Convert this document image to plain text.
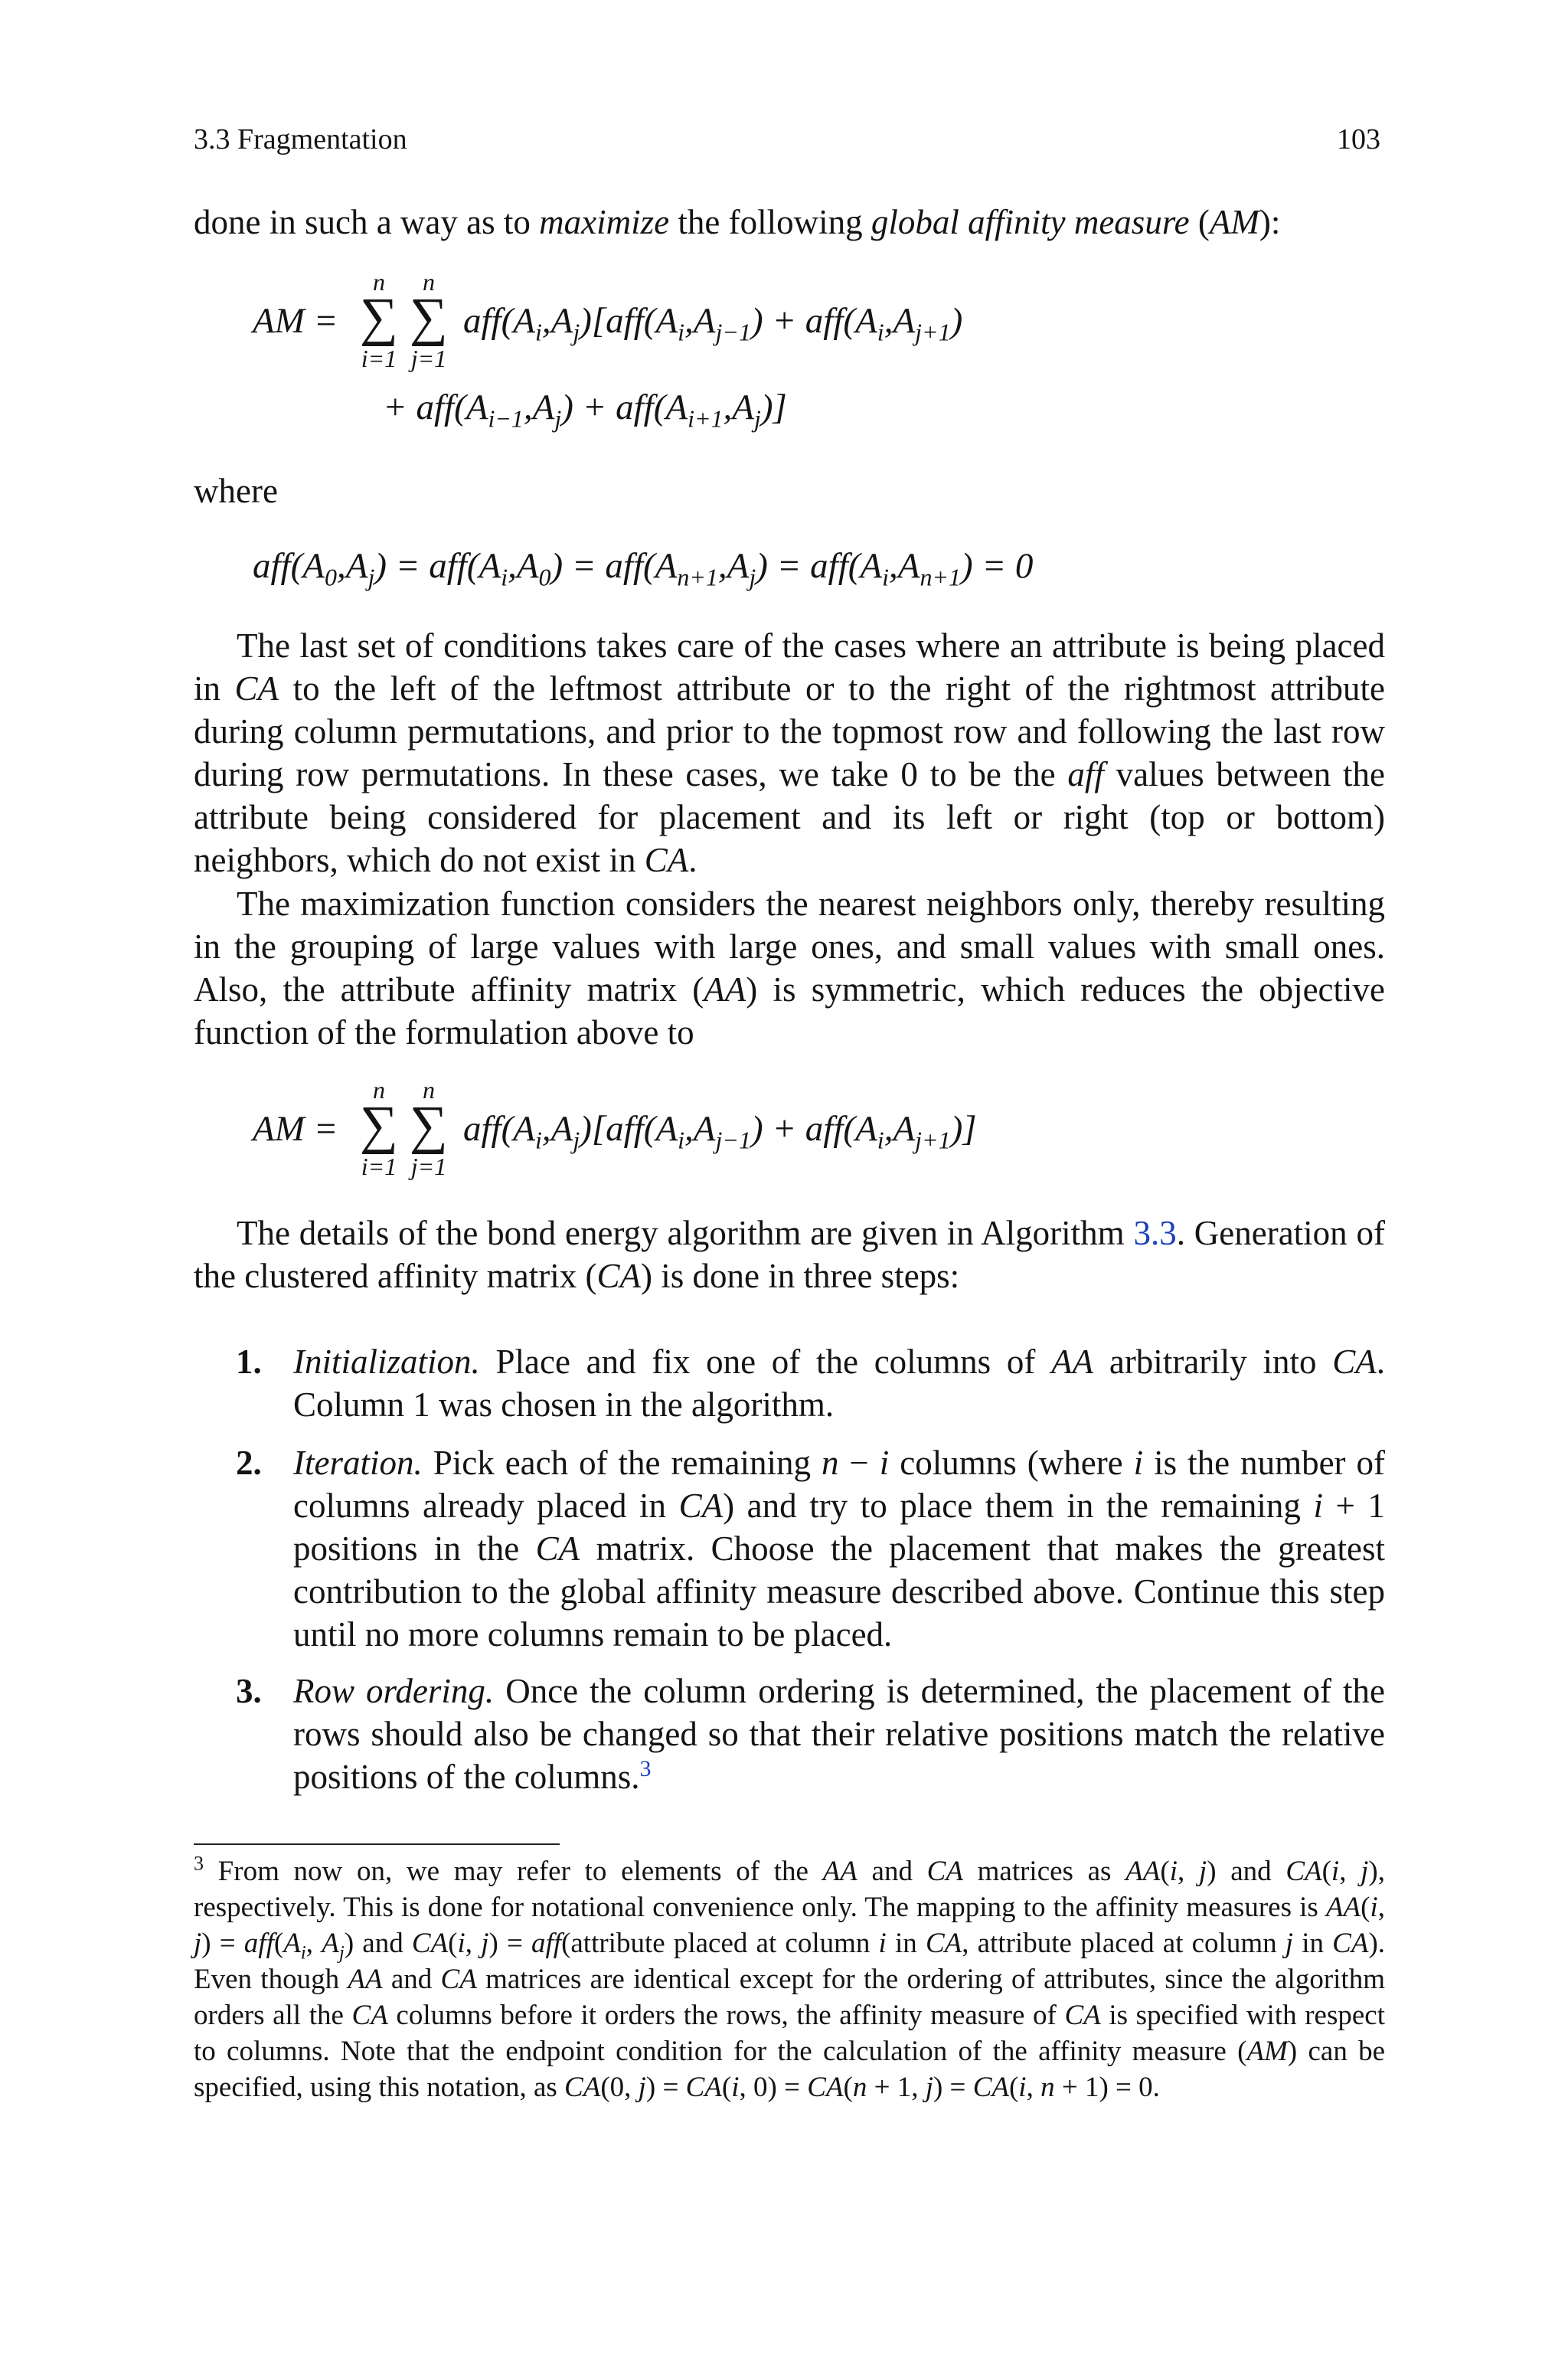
3.3 Fragmentation	103

done in such a way as to maximize the following global affinity measure (AM):

AM =
n
∑
i=1
n
∑
j=1
$aff(A_i,A_j)[aff(A_i,A_{j-1}) + aff(A_i,A_{j+1})$
+ $aff(A_{i-1},A_j) + aff(A_{i+1},A_j)$]

where

$aff(A_0,A_j) = aff(A_i,A_0) = aff(A_{n+1},A_j) = aff(A_i,A_{n+1}) = 0$

The last set of conditions takes care of the cases where an attribute is being placed in CA to the left of the leftmost attribute or to the right of the rightmost attribute during column permutations, and prior to the topmost row and following the last row during row permutations. In these cases, we take 0 to be the aff values between the attribute being considered for placement and its left or right (top or bottom) neighbors, which do not exist in CA.

The maximization function considers the nearest neighbors only, thereby resulting in the grouping of large values with large ones, and small values with small ones. Also, the attribute affinity matrix (AA) is symmetric, which reduces the objective function of the formulation above to

AM =
n
∑
i=1
n
∑
j=1
$aff(A_i,A_j)[aff(A_i,A_{j-1}) + aff(A_i,A_{j+1})]$

The details of the bond energy algorithm are given in Algorithm 3.3. Generation of the clustered affinity matrix (CA) is done in three steps:

1. Initialization. Place and fix one of the columns of AA arbitrarily into CA. Column 1 was chosen in the algorithm.

2. Iteration. Pick each of the remaining n − i columns (where i is the number of columns already placed in CA) and try to place them in the remaining i + 1 positions in the CA matrix. Choose the placement that makes the greatest contribution to the global affinity measure described above. Continue this step until no more columns remain to be placed.

3. Row ordering. Once the column ordering is determined, the placement of the rows should also be changed so that their relative positions match the relative positions of the columns.$^3$

$^3$ From now on, we may refer to elements of the AA and CA matrices as AA(i, j) and CA(i, j), respectively. This is done for notational convenience only. The mapping to the affinity measures is AA(i, $j) = aff(A_i$, $A_j$) and CA(i, j) = aff(attribute placed at column i in CA, attribute placed at column j in CA). Even though AA and CA matrices are identical except for the ordering of attributes, since the algorithm orders all the CA columns before it orders the rows, the affinity measure of CA is specified with respect to columns. Note that the endpoint condition for the calculation of the affinity measure (AM) can be specified, using this notation, as CA(0, j) = CA(i, 0) = CA(n + 1, j) = CA(i, n + 1) = 0.
